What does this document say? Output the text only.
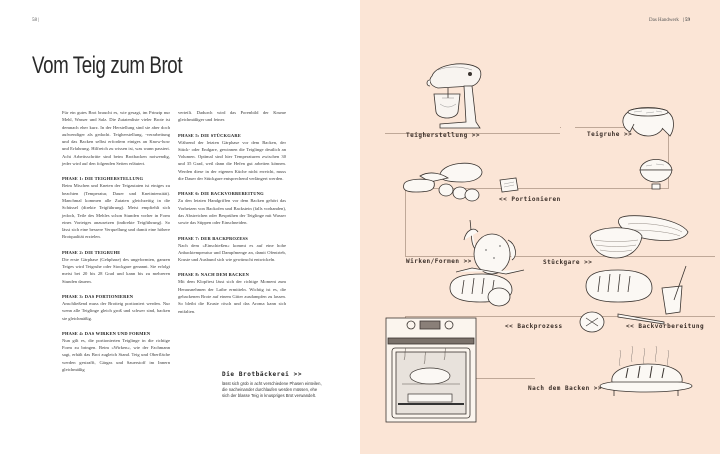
58 |
Vom Teig zum Brot

Für ein gutes Brot braucht es, wie gesagt, im Prinzip nur Mehl, Wasser und Salz. Die Zutatenliste vieler Brote ist demnach eher kurz. In der Herstellung sind sie aber doch aufwendiger als gedacht. Teigherstellung, -verarbeitung und das Backen selbst erfordern einiges an Know-how und Erfahrung. Hilfreich zu wissen ist, was wann passiert. Acht Arbeitsschritte sind beim Brotbacken notwendig, jeder wird auf den folgenden Seiten erläutert.

PHASE 1: DIE TEIGHERSTELLUNG

Beim Mischen und Kneten der Teigzutaten ist einiges zu beachten (Temperatur, Dauer und Knetintensität). Manchmal kommen alle Zutaten gleichzeitig in die Schüssel (direkte Teigführung). Meist empfiehlt sich jedoch, Teile des Mehles schon Stunden vorher in Form eines Vorteiges anzusetzen (indirekte Teigführung). So lässt sich eine bessere Verquellung und damit eine höhere Brotqualität erzielen.

PHASE 2: DIE TEIGRUHE

Die erste Gärphase (Gehphase) des ungeformten, ganzen Teiges wird Teigruhe oder Stockgare genannt. Sie erfolgt meist bei 20 bis 28 Grad und kann bis zu mehreren Stunden dauern.

PHASE 3: DAS PORTIONIEREN

Anschließend muss der Brotteig portioniert werden. Nur wenn alle Teiglinge gleich groß und schwer sind, backen sie gleichmäßig.

PHASE 4: DAS WIRKEN UND FORMEN

Nun gilt es, die portionierten Teiglinge in die richtige Form zu bringen. Beim »Wirken«, wie der Fachmann sagt, erhält das Brot zugleich Stand. Teig und Oberfläche werden gestrafft, Gärgas und Sauerstoff im Innern gleichmäßig

verteilt. Dadurch wird das Porenbild der Krume gleichmäßiger und feiner.

PHASE 5: DIE STÜCKGARE

Während der letzten Gärphase vor dem Backen, der Stück- oder Endgare, gewinnen die Teiglinge deutlich an Volumen. Optimal sind hier Temperaturen zwischen 30 und 35 Grad, weil dann die Hefen gut arbeiten können. Werden diese in der eigenen Küche nicht erreicht, muss die Dauer der Stückgare entsprechend verlängert werden.

PHASE 6: DIE BACKVORBEREITUNG

Zu den letzten Handgriffen vor dem Backen gehört das Vorheizen von Backofen und Backstein (falls vorhanden), das Abstreichen oder Besprühen der Teiglinge mit Wasser sowie das Stippen oder Einschneiden.

PHASE 7: DER BACKPROZESS

Nach dem »Einschießen« kommt es auf eine hohe Anbacktemperatur und Dampfmenge an, damit Ofentrieb, Kruste und Ausbund sich wie gewünscht entwickeln.

PHASE 8: NACH DEM BACKEN

Mit dem Klopftest lässt sich der richtige Moment zum Herausnehmen der Laibe ermitteln. Wichtig ist es, die gebackenen Brote auf einem Gitter ausdampfen zu lassen. So bleibt die Kruste rösch und das Aroma kann sich entfalten.

Die Brotbäckerei >>
lässt sich grob in acht verschiedene Phasen einteilen, die nacheinander durchlaufen werden müssen, ehe sich der blasse Teig in knuspriges Brot verwandelt.
Das Handwerk | 59
Teigherstellung >>	Teigruhe >>
<< Portionieren
Wirken/Formen >>	Stückgare >>
<< Backprozess	<< Backvorbereitung
Nach dem Backen >>
